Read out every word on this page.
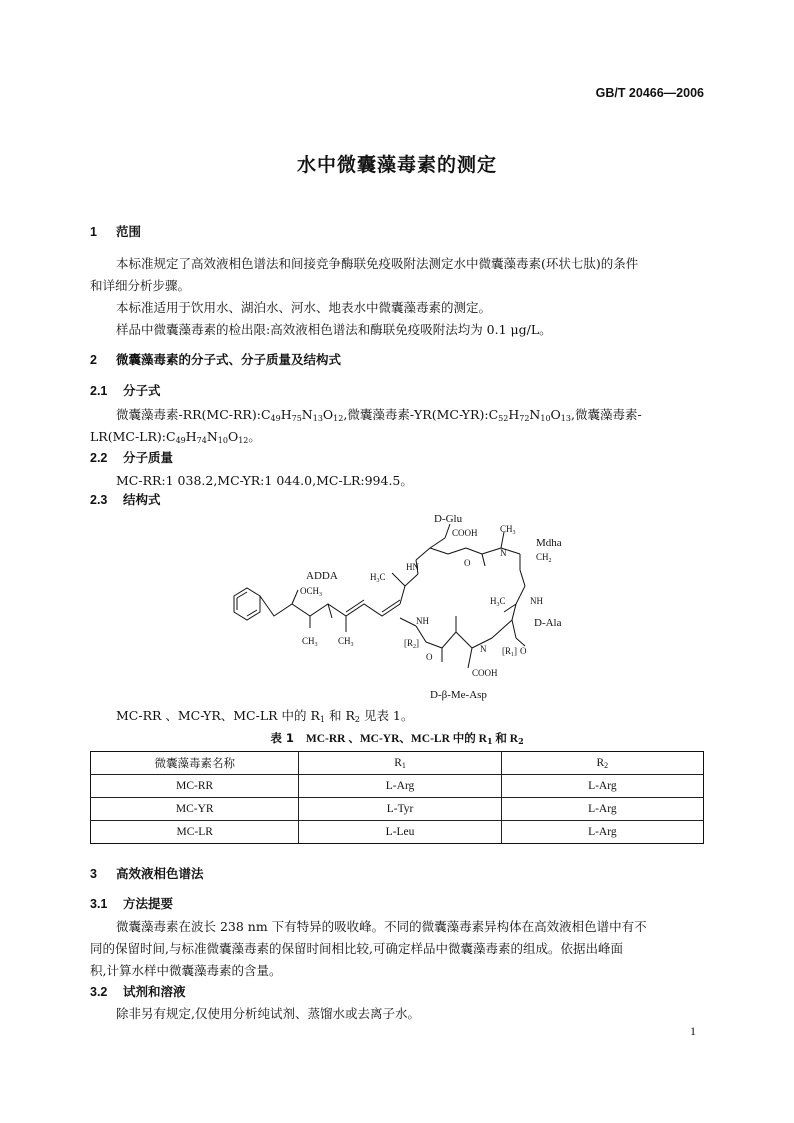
GB/T 20466—2006
水中微囊藻毒素的测定
1 范围
本标准规定了高效液相色谱法和间接竞争酶联免疫吸附法测定水中微囊藻毒素(环状七肽)的条件
和详细分析步骤。
本标准适用于饮用水、湖泊水、河水、地表水中微囊藻毒素的测定。
样品中微囊藻毒素的检出限:高效液相色谱法和酶联免疫吸附法均为 0.1 μg/L。
2 微囊藻毒素的分子式、分子质量及结构式
2.1 分子式
微囊藻毒素$-RR(MC-RR):C_{49}H_{75}N_{13}O_{12}$,微囊藻毒素$-YR(MC-YR):C_{52}H_{72}N_{10}O_{13}$,微囊藻毒素-
$LR(MC-LR):C_{49}H_{74}N_{10}O_{12}$。
2.2 分子质量
MC-RR:1 038.2,MC-YR:1 044.0,MC-LR:994.5。
2.3 结构式
D-Glu
COOH $CH_3$
Mdha
$CH_2$
HN
N
NH
ADDA
$OCH_3$
$H_3C$
NH	D-Ala
$H_3C$
$[R_1]$
$[R_2]$
N
COOH
D-β-Me-Asp
$CH_3$ $CH_3$
O
O
O
MC-RR 、MC-YR、MC-LR 中的 $R_1$ 和 $R_2$ 见表 1。
表 1 MC-RR 、MC-YR、MC-LR 中的 $R_1$ 和 $R_2$
微囊藻毒素名称	$R_1$	$R_2$
MC-RR	L-Arg	L-Arg
MC-YR	L-Tyr	L-Arg
MC-LR	L-Leu	L-Arg
3 高效液相色谱法
3.1 方法提要
微囊藻毒素在波长 238 nm 下有特异的吸收峰。不同的微囊藻毒素异构体在高效液相色谱中有不
同的保留时间,与标准微囊藻毒素的保留时间相比较,可确定样品中微囊藻毒素的组成。依据出峰面
积,计算水样中微囊藻毒素的含量。
3.2 试剂和溶液
除非另有规定,仅使用分析纯试剂、蒸馏水或去离子水。
1
